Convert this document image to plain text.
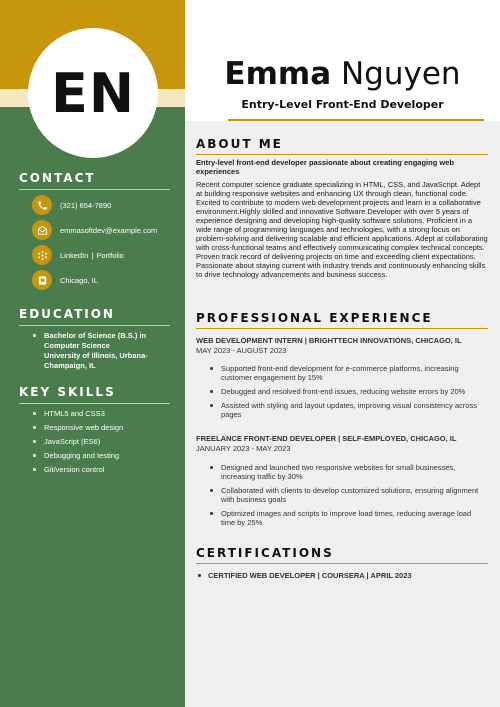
EN	Emma Nguyen
Entry-Level Front-End Developer
CONTACT
(321) 654-7890
emmasoftdev@example.com
LinkedIn | Portfolio
Chicago, IL
EDUCATION
Bachelor of Science (B.S.) in Computer Science
University of Illinois, Urbana-Champaign, IL
KEY SKILLS
HTML5 and CSS3
Responsive web design
JavaScript (ES6)
Debugging and testing
Git/version control
ABOUT ME
Entry-level front-end developer passionate about creating engaging web experiences
Recent computer science graduate specializing in HTML, CSS, and JavaScript. Adept at building responsive websites and enhancing UX through clean, functional code. Excited to contribute to modern web development projects and learn in a collaborative environment.Highly skilled and innovative Software Developer with over 5 years of experience designing and developing high-quality software solutions. Proficient in a wide range of programming languages and technologies, with a strong focus on problem-solving and delivering scalable and efficient applications. Adept at collaborating with cross-functional teams and effectively communicating complex technical concepts. Proven track record of delivering projects on time and exceeding client expectations. Passionate about staying current with industry trends and continuously enhancing skills to drive technology advancements and business success.
PROFESSIONAL EXPERIENCE
WEB DEVELOPMENT INTERN | BRIGHTTECH INNOVATIONS, CHICAGO, IL
MAY 2023 - AUGUST 2023
Supported front-end development for e-commerce platforms, increasing customer engagement by 15%
Debugged and resolved front-end issues, reducing website errors by 20%
Assisted with styling and layout updates, improving visual consistency across pages
FREELANCE FRONT-END DEVELOPER | SELF-EMPLOYED, CHICAGO, IL
JANUARY 2023 - MAY 2023
Designed and launched two responsive websites for small businesses, increasing traffic by 30%
Collaborated with clients to develop customized solutions, ensuring alignment with business goals
Optimized images and scripts to improve load times, reducing average load time by 25%
CERTIFICATIONS
CERTIFIED WEB DEVELOPER | COURSERA | APRIL 2023
